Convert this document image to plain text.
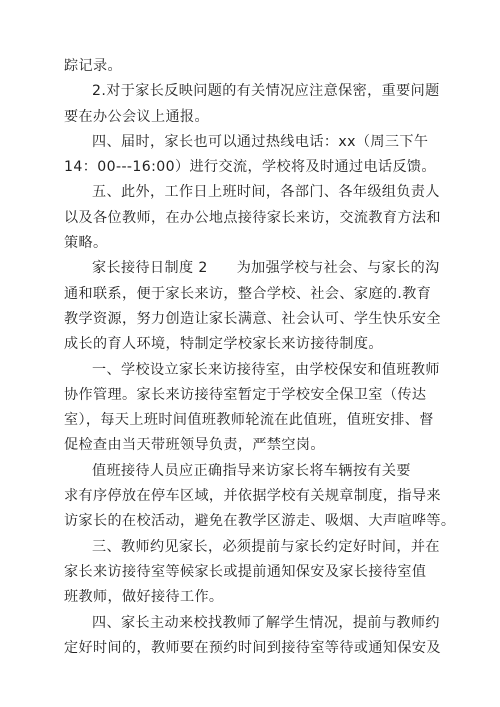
踪记录。

2.对于家长反映问题的有关情况应注意保密，重要问题
要在办公会议上通报。

四、届时，家长也可以通过热线电话：xx（周三下午
14：00---16:00）进行交流，学校将及时通过电话反馈。

五、此外，工作日上班时间，各部门、各年级组负责人
以及各位教师，在办公地点接待家长来访，交流教育方法和
策略。

家长接待日制度 2　　为加强学校与社会、与家长的沟
通和联系，便于家长来访，整合学校、社会、家庭的.教育
教学资源，努力创造让家长满意、社会认可、学生快乐安全
成长的育人环境，特制定学校家长来访接待制度。

一、学校设立家长来访接待室，由学校保安和值班教师
协作管理。家长来访接待室暂定于学校安全保卫室（传达
室），每天上班时间值班教师轮流在此值班，值班安排、督
促检查由当天带班领导负责，严禁空岗。

值班接待人员应正确指导来访家长将车辆按有关要
求有序停放在停车区域，并依据学校有关规章制度，指导来
访家长的在校活动，避免在教学区游走、吸烟、大声喧哗等。

三、教师约见家长，必须提前与家长约定好时间，并在
家长来访接待室等候家长或提前通知保安及家长接待室值
班教师，做好接待工作。

四、家长主动来校找教师了解学生情况，提前与教师约
定好时间的，教师要在预约时间到接待室等待或通知保安及
